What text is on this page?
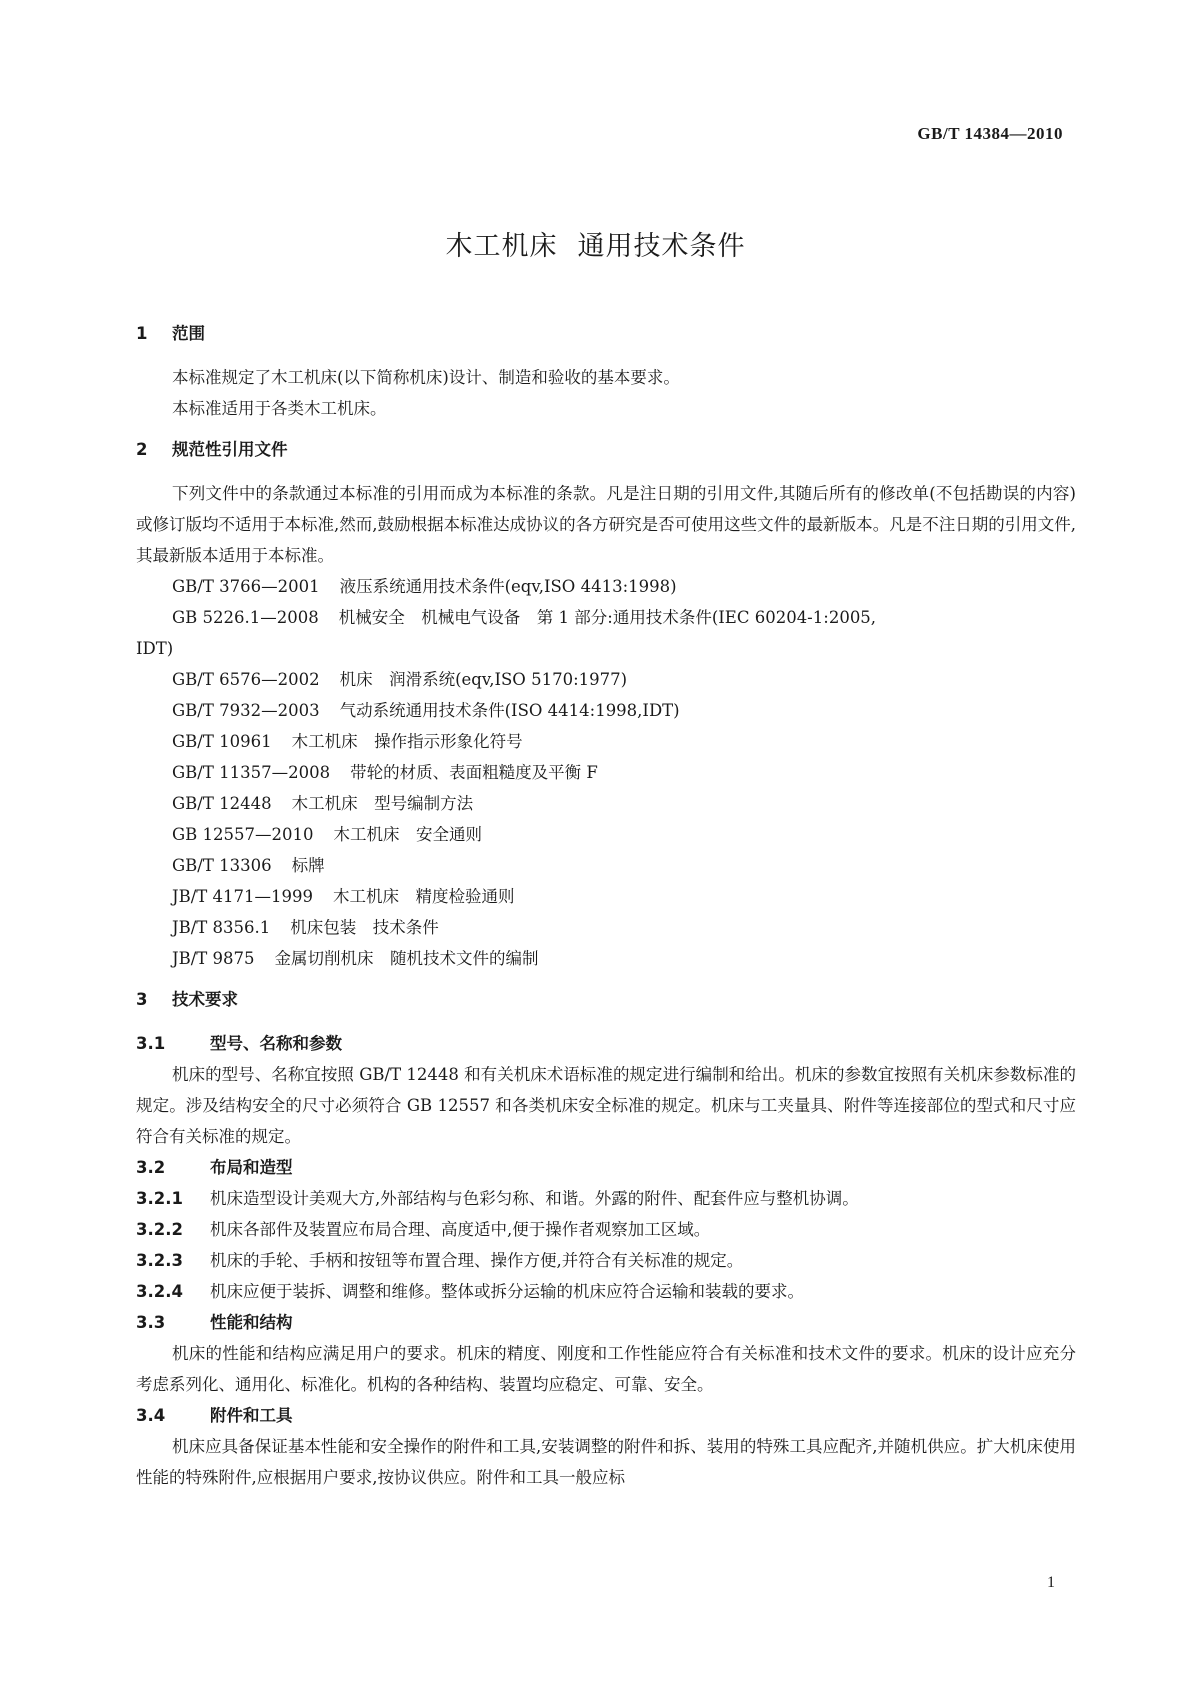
GB/T 14384—2010
木工机床 通用技术条件
1 范围
本标准规定了木工机床(以下简称机床)设计、制造和验收的基本要求。
本标准适用于各类木工机床。
2 规范性引用文件
下列文件中的条款通过本标准的引用而成为本标准的条款。凡是注日期的引用文件,其随后所有的修改单(不包括勘误的内容)或修订版均不适用于本标准,然而,鼓励根据本标准达成协议的各方研究是否可使用这些文件的最新版本。凡是不注日期的引用文件,其最新版本适用于本标准。
GB/T 3766—2001 液压系统通用技术条件(eqv,ISO 4413:1998)
GB 5226.1—2008 机械安全　机械电气设备　第 1 部分:通用技术条件(IEC 60204-1:2005,
IDT)
GB/T 6576—2002 机床　润滑系统(eqv,ISO 5170:1977)
GB/T 7932—2003 气动系统通用技术条件(ISO 4414:1998,IDT)
GB/T 10961 木工机床　操作指示形象化符号
GB/T 11357—2008 带轮的材质、表面粗糙度及平衡 F
GB/T 12448 木工机床　型号编制方法
GB 12557—2010 木工机床　安全通则
GB/T 13306 标牌
JB/T 4171—1999 木工机床　精度检验通则
JB/T 8356.1 机床包装　技术条件
JB/T 9875 金属切削机床　随机技术文件的编制
3 技术要求
3.1	型号、名称和参数
机床的型号、名称宜按照 GB/T 12448 和有关机床术语标准的规定进行编制和给出。机床的参数宜按照有关机床参数标准的规定。涉及结构安全的尺寸必须符合 GB 12557 和各类机床安全标准的规定。机床与工夹量具、附件等连接部位的型式和尺寸应符合有关标准的规定。
3.2	布局和造型
3.2.1 机床造型设计美观大方,外部结构与色彩匀称、和谐。外露的附件、配套件应与整机协调。
3.2.2 机床各部件及装置应布局合理、高度适中,便于操作者观察加工区域。
3.2.3 机床的手轮、手柄和按钮等布置合理、操作方便,并符合有关标准的规定。
3.2.4 机床应便于装拆、调整和维修。整体或拆分运输的机床应符合运输和装载的要求。
3.3	性能和结构
机床的性能和结构应满足用户的要求。机床的精度、刚度和工作性能应符合有关标准和技术文件的要求。机床的设计应充分考虑系列化、通用化、标准化。机构的各种结构、装置均应稳定、可靠、安全。
3.4	附件和工具
机床应具备保证基本性能和安全操作的附件和工具,安装调整的附件和拆、装用的特殊工具应配齐,并随机供应。扩大机床使用性能的特殊附件,应根据用户要求,按协议供应。附件和工具一般应标
1
